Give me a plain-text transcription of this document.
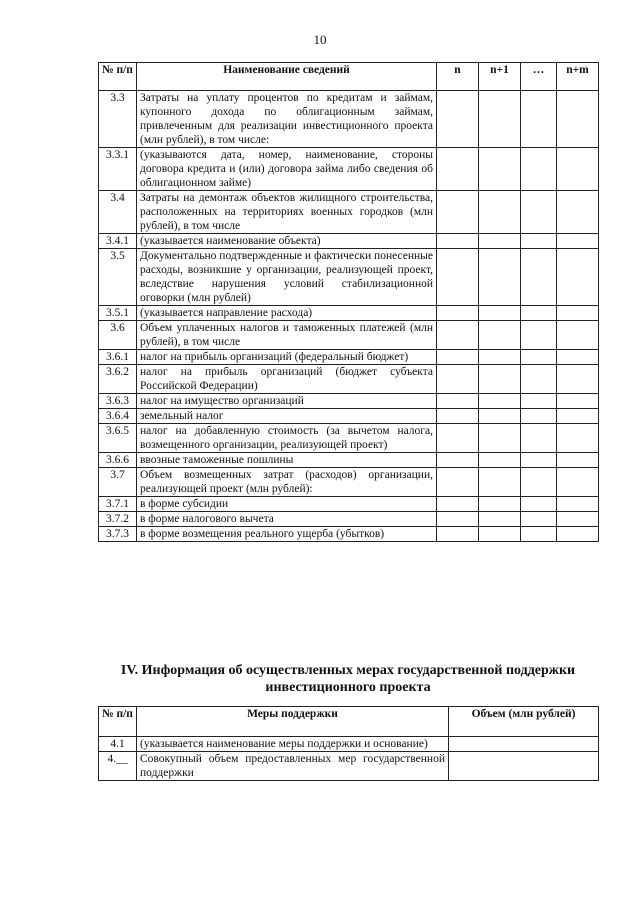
10
№ п/п	Наименование сведений	n	n+1	…	n+m
3.3	Затраты на уплату процентов по кредитам и займам, купонного дохода по облигационным займам, привлеченным для реализации инвестиционного проекта (млн рублей), в том числе:				
3.3.1	(указываются дата, номер, наименование, стороны договора кредита и (или) договора займа либо сведения об облигационном займе)				
3.4	Затраты на демонтаж объектов жилищного строительства, расположенных на территориях военных городков (млн рублей), в том числе				
3.4.1	(указывается наименование объекта)				
3.5	Документально подтвержденные и фактически понесенные расходы, возникшие у организации, реализующей проект, вследствие нарушения условий стабилизационной оговорки (млн рублей)				
3.5.1	(указывается направление расхода)				
3.6	Объем уплаченных налогов и таможенных платежей (млн рублей), в том числе				
3.6.1	налог на прибыль организаций (федеральный бюджет)				
3.6.2	налог на прибыль организаций (бюджет субъекта Российской Федерации)				
3.6.3	налог на имущество организаций				
3.6.4	земельный налог				
3.6.5	налог на добавленную стоимость (за вычетом налога, возмещенного организации, реализующей проект)				
3.6.6	ввозные таможенные пошлины				
3.7	Объем возмещенных затрат (расходов) организации, реализующей проект (млн рублей):				
3.7.1	в форме субсидии				
3.7.2	в форме налогового вычета				
3.7.3	в форме возмещения реального ущерба (убытков)				
IV. Информация об осуществленных мерах государственной поддержки инвестиционного проекта
№ п/п	Меры поддержки	Объем (млн рублей)
4.1	(указывается наименование меры поддержки и основание)	
4.__	Совокупный объем предоставленных мер государственной поддержки	
